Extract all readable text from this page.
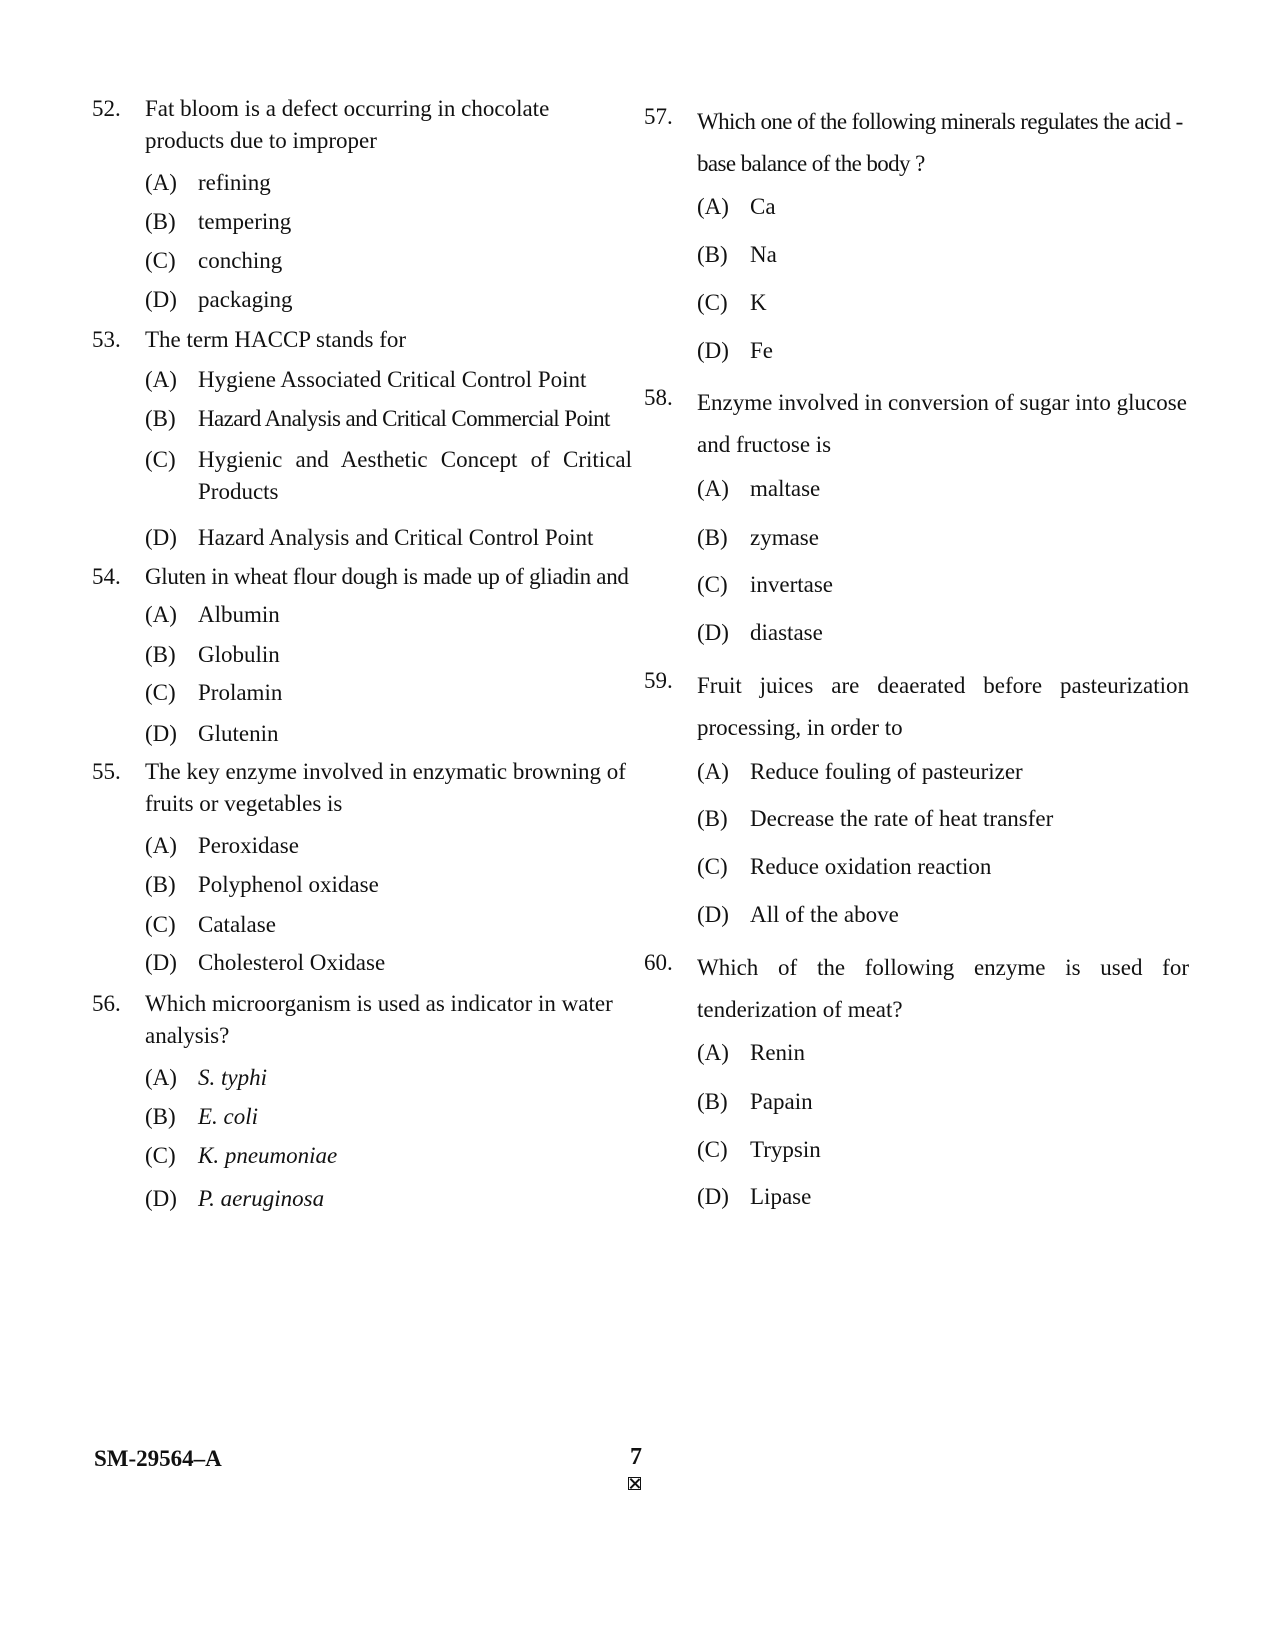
52. Fat bloom is a defect occurring in chocolate products due to improper
(A) refining
(B) tempering
(C) conching
(D) packaging
53. The term HACCP stands for
(A) Hygiene Associated Critical Control Point
(B) Hazard Analysis and Critical Commercial Point
(C) Hygienic and Aesthetic Concept of Critical Products
(D) Hazard Analysis and Critical Control Point
54. Gluten in wheat flour dough is made up of gliadin and
(A) Albumin
(B) Globulin
(C) Prolamin
(D) Glutenin
55. The key enzyme involved in enzymatic browning of fruits or vegetables is
(A) Peroxidase
(B) Polyphenol oxidase
(C) Catalase
(D) Cholesterol Oxidase
56. Which microorganism is used as indicator in water analysis?
(A) S. typhi
(B) E. coli
(C) K. pneumoniae
(D) P. aeruginosa
57. Which one of the following minerals regulates the acid - base balance of the body ?
(A) Ca
(B) Na
(C) K
(D) Fe
58. Enzyme involved in conversion of sugar into glucose and fructose is
(A) maltase
(B) zymase
(C) invertase
(D) diastase
59. Fruit juices are deaerated before pasteurization processing, in order to
(A) Reduce fouling of pasteurizer
(B) Decrease the rate of heat transfer
(C) Reduce oxidation reaction
(D) All of the above
60. Which of the following enzyme is used for tenderization of meat?
(A) Renin
(B) Papain
(C) Trypsin
(D) Lipase
SM-29564–A	7
